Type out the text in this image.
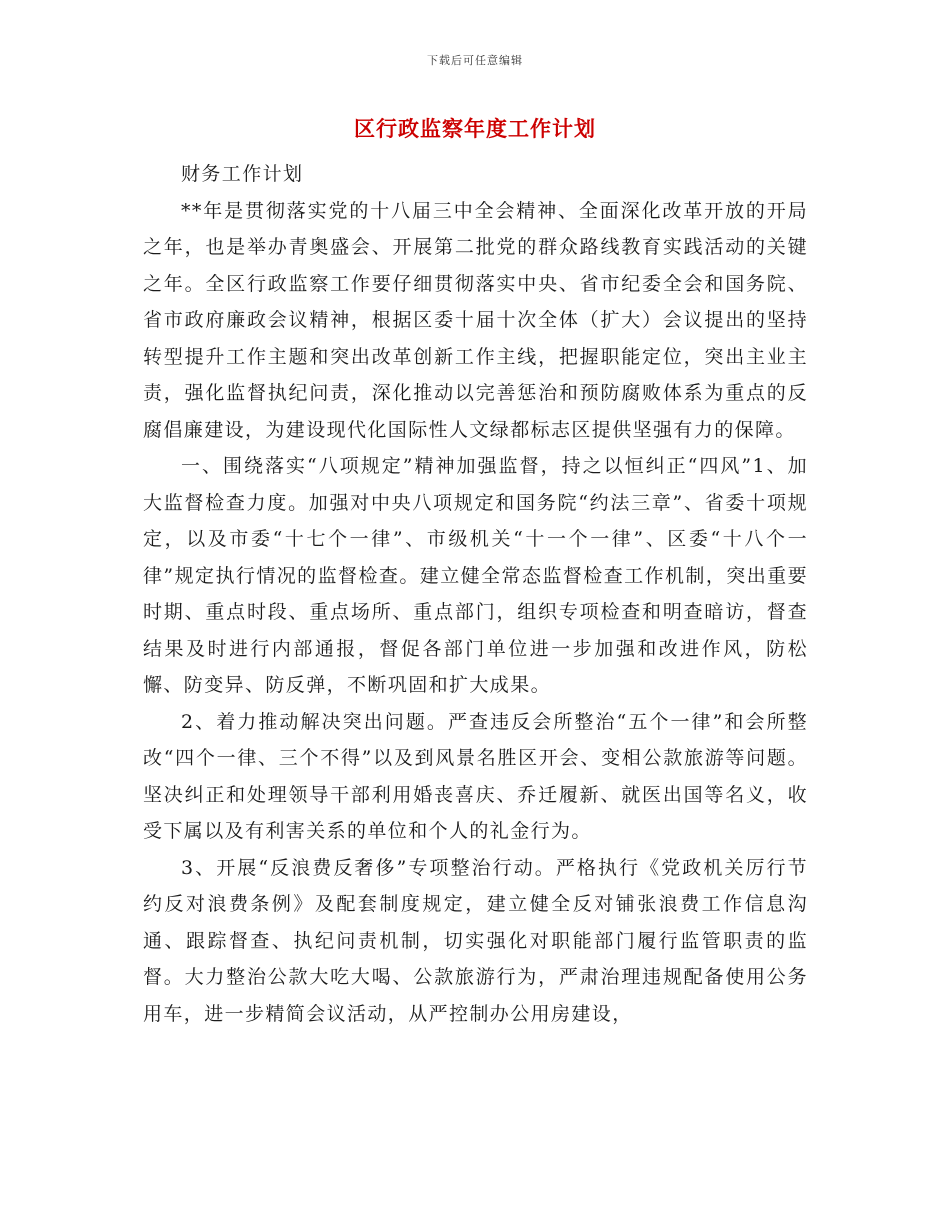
下载后可任意编辑
区行政监察年度工作计划

财务工作计划

**年是贯彻落实党的十八届三中全会精神、全面深化改革开放的开局之年，也是举办青奥盛会、开展第二批党的群众路线教育实践活动的关键之年。全区行政监察工作要仔细贯彻落实中央、省市纪委全会和国务院、省市政府廉政会议精神，根据区委十届十次全体（扩大）会议提出的坚持转型提升工作主题和突出改革创新工作主线，把握职能定位，突出主业主责，强化监督执纪问责，深化推动以完善惩治和预防腐败体系为重点的反腐倡廉建设，为建设现代化国际性人文绿都标志区提供坚强有力的保障。

一、围绕落实“八项规定”精神加强监督，持之以恒纠正“四风”1、加大监督检查力度。加强对中央八项规定和国务院“约法三章”、省委十项规定，以及市委“十七个一律”、市级机关“十一个一律”、区委“十八个一律”规定执行情况的监督检查。建立健全常态监督检查工作机制，突出重要时期、重点时段、重点场所、重点部门，组织专项检查和明查暗访，督查结果及时进行内部通报，督促各部门单位进一步加强和改进作风，防松懈、防变异、防反弹，不断巩固和扩大成果。

2、着力推动解决突出问题。严查违反会所整治“五个一律”和会所整改“四个一律、三个不得”以及到风景名胜区开会、变相公款旅游等问题。坚决纠正和处理领导干部利用婚丧喜庆、乔迁履新、就医出国等名义，收受下属以及有利害关系的单位和个人的礼金行为。

3、开展“反浪费反奢侈”专项整治行动。严格执行《党政机关厉行节约反对浪费条例》及配套制度规定，建立健全反对铺张浪费工作信息沟通、跟踪督查、执纪问责机制，切实强化对职能部门履行监管职责的监督。大力整治公款大吃大喝、公款旅游行为，严肃治理违规配备使用公务用车，进一步精简会议活动，从严控制办公用房建设，
